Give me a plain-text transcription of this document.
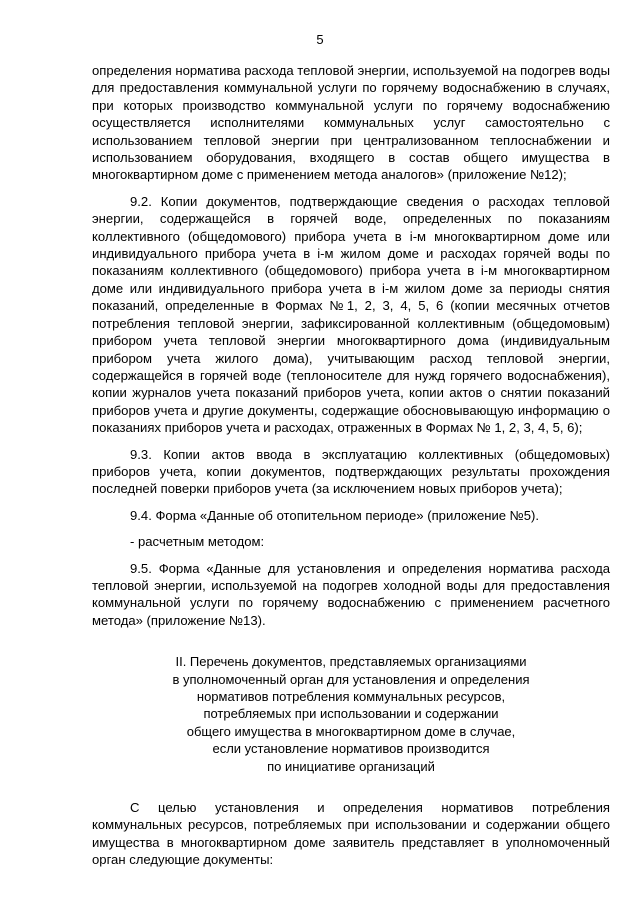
5

определения норматива расхода тепловой энергии, используемой на подогрев воды для предоставления коммунальной услуги по горячему водоснабжению в случаях, при которых производство коммунальной услуги по горячему водоснабжению осуществляется исполнителями коммунальных услуг самостоятельно с использованием тепловой энергии при централизованном теплоснабжении и использованием оборудования, входящего в состав общего имущества в многоквартирном доме с применением метода аналогов» (приложение №12);

9.2. Копии документов, подтверждающие сведения о расходах тепловой энергии, содержащейся в горячей воде, определенных по показаниям коллективного (общедомового) прибора учета в i-м многоквартирном доме или индивидуального прибора учета в i-м жилом доме и расходах горячей воды по показаниям коллективного (общедомового) прибора учета в i-м многоквартирном доме или индивидуального прибора учета в i-м жилом доме за периоды снятия показаний, определенные в Формах №1, 2, 3, 4, 5, 6 (копии месячных отчетов потребления тепловой энергии, зафиксированной коллективным (общедомовым) прибором учета тепловой энергии многоквартирного дома (индивидуальным прибором учета жилого дома), учитывающим расход тепловой энергии, содержащейся в горячей воде (теплоносителе для нужд горячего водоснабжения), копии журналов учета показаний приборов учета, копии актов о снятии показаний приборов учета и другие документы, содержащие обосновывающую информацию о показаниях приборов учета и расходах, отраженных в Формах № 1, 2, 3, 4, 5, 6);

9.3. Копии актов ввода в эксплуатацию коллективных (общедомовых) приборов учета, копии документов, подтверждающих результаты прохождения последней поверки приборов учета (за исключением новых приборов учета);

9.4. Форма «Данные об отопительном периоде» (приложение №5).

- расчетным методом:

9.5. Форма «Данные для установления и определения норматива расхода тепловой энергии, используемой на подогрев холодной воды для предоставления коммунальной услуги по горячему водоснабжению с применением расчетного метода» (приложение №13).

II. Перечень документов, представляемых организациями
в уполномоченный орган для установления и определения
нормативов потребления коммунальных ресурсов,
потребляемых при использовании и содержании
общего имущества в многоквартирном доме в случае,
если установление нормативов производится
по инициативе организаций

С целью установления и определения нормативов потребления коммунальных ресурсов, потребляемых при использовании и содержании общего имущества в многоквартирном доме заявитель представляет в уполномоченный орган следующие документы:
